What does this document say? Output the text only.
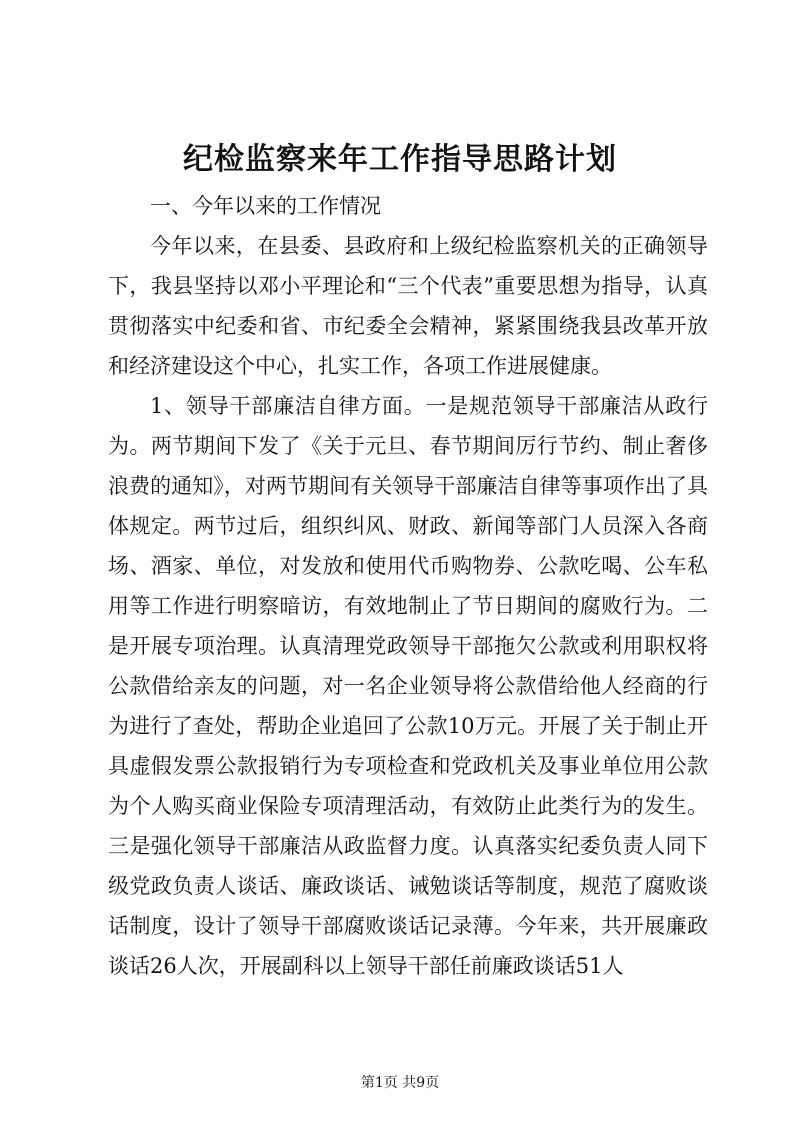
纪检监察来年工作指导思路计划

一、今年以来的工作情况

今年以来，在县委、县政府和上级纪检监察机关的正确领导下，我县坚持以邓小平理论和“三个代表”重要思想为指导，认真贯彻落实中纪委和省、市纪委全会精神，紧紧围绕我县改革开放和经济建设这个中心，扎实工作，各项工作进展健康。

1、领导干部廉洁自律方面。一是规范领导干部廉洁从政行为。两节期间下发了《关于元旦、春节期间厉行节约、制止奢侈浪费的通知》，对两节期间有关领导干部廉洁自律等事项作出了具体规定。两节过后，组织纠风、财政、新闻等部门人员深入各商场、酒家、单位，对发放和使用代币购物券、公款吃喝、公车私用等工作进行明察暗访，有效地制止了节日期间的腐败行为。二是开展专项治理。认真清理党政领导干部拖欠公款或利用职权将公款借给亲友的问题，对一名企业领导将公款借给他人经商的行为进行了查处，帮助企业追回了公款10万元。开展了关于制止开具虚假发票公款报销行为专项检查和党政机关及事业单位用公款为个人购买商业保险专项清理活动，有效防止此类行为的发生。三是强化领导干部廉洁从政监督力度。认真落实纪委负责人同下级党政负责人谈话、廉政谈话、诫勉谈话等制度，规范了腐败谈话制度，设计了领导干部腐败谈话记录薄。今年来，共开展廉政谈话26人次，开展副科以上领导干部任前廉政谈话51人

第1页 共9页
